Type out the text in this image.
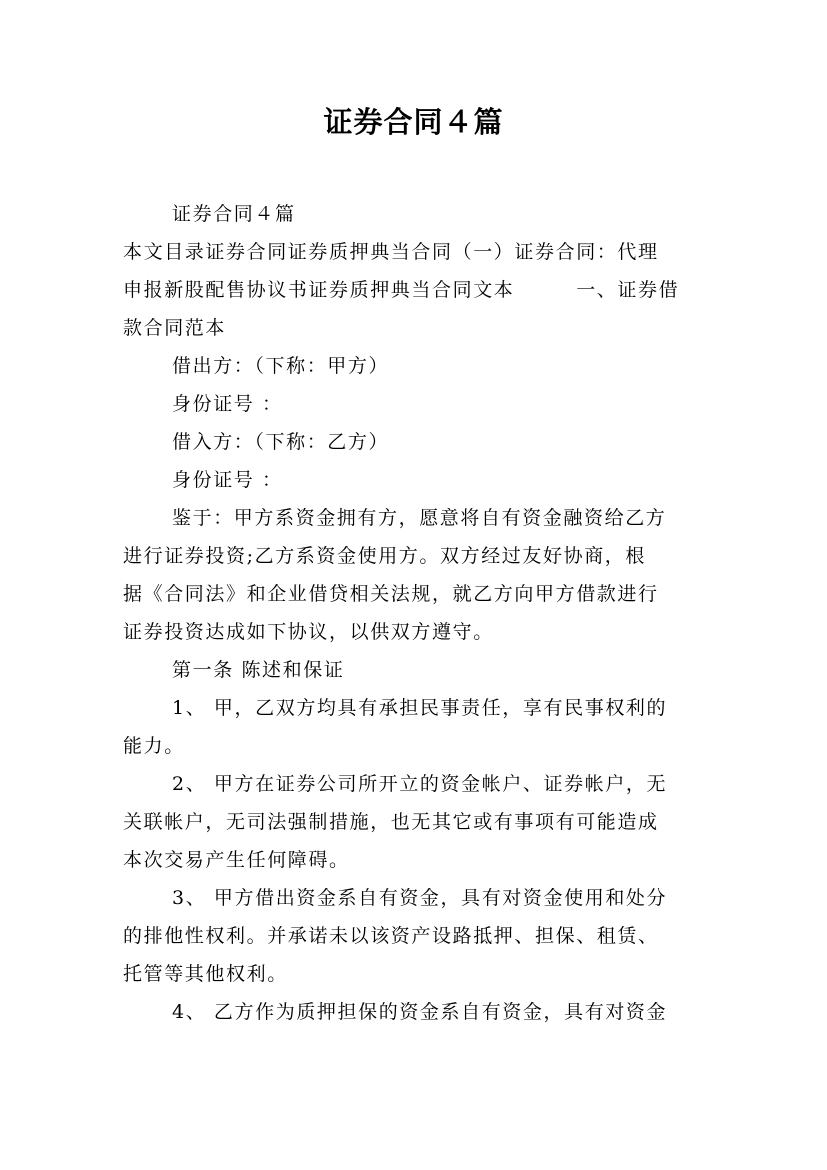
证券合同４篇

证券合同４篇

本文目录证券合同证券质押典当合同（一）证券合同：代理

申报新股配售协议书证券质押典当合同文本　　　一、证券借

款合同范本

借出方：（下称：甲方）

身份证号 ：

借入方：（下称：乙方）

身份证号 ：

鉴于：甲方系资金拥有方，愿意将自有资金融资给乙方

进行证券投资;乙方系资金使用方。双方经过友好协商，根

据《合同法》和企业借贷相关法规，就乙方向甲方借款进行

证券投资达成如下协议，以供双方遵守。

第一条 陈述和保证

1、 甲，乙双方均具有承担民事责任，享有民事权利的

能力。

2、 甲方在证券公司所开立的资金帐户、证券帐户，无

关联帐户，无司法强制措施，也无其它或有事项有可能造成

本次交易产生任何障碍。

3、 甲方借出资金系自有资金，具有对资金使用和处分

的排他性权利。并承诺未以该资产设路抵押、担保、租赁、

托管等其他权利。

4、 乙方作为质押担保的资金系自有资金，具有对资金
